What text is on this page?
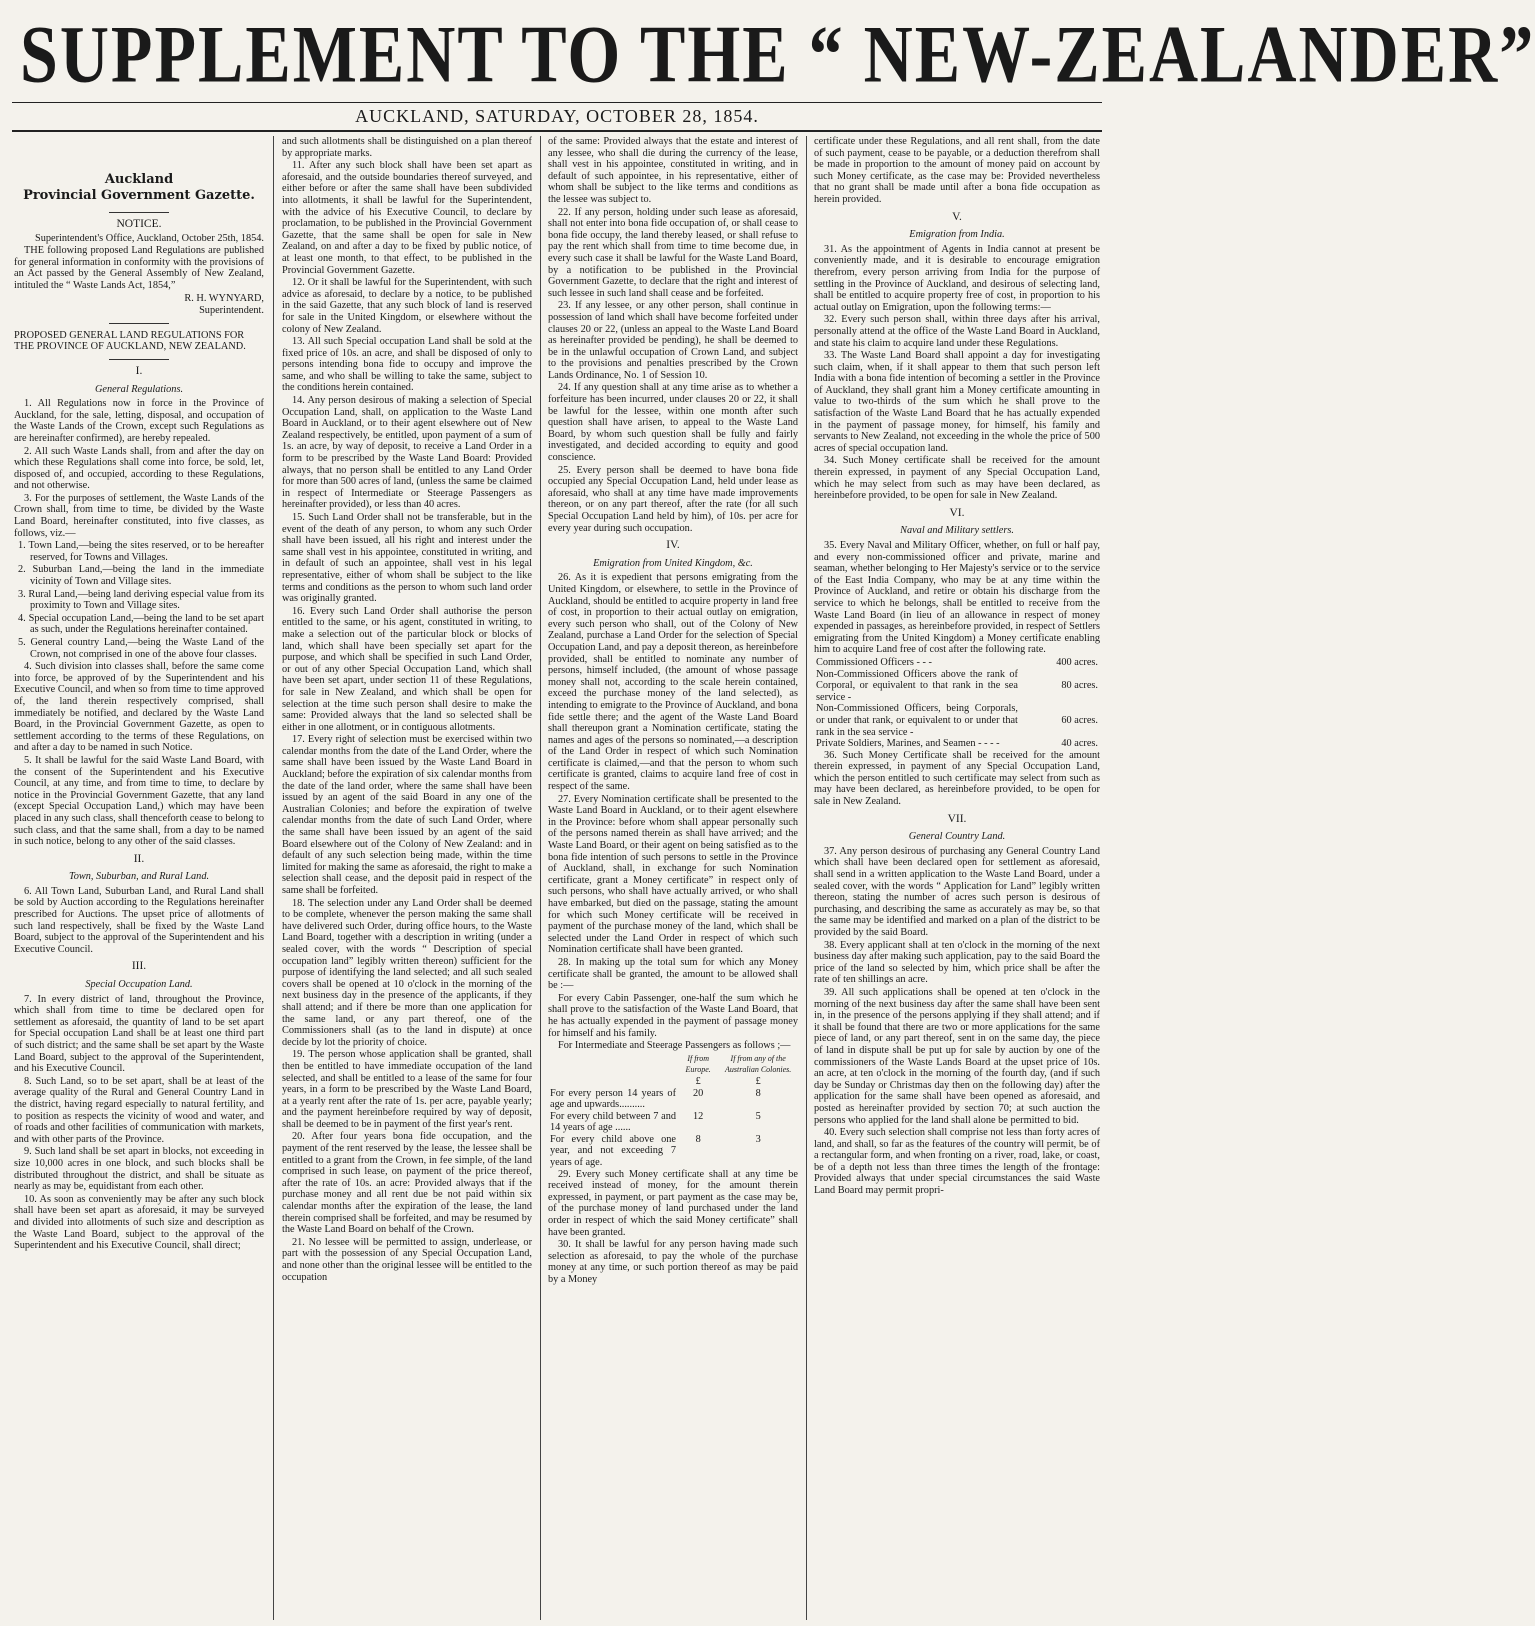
SUPPLEMENT TO THE “ NEW-ZEALANDER”
AUCKLAND, SATURDAY, OCTOBER 28, 1854.
Auckland
Provincial Government Gazette.
NOTICE.

Superintendent's Office, Auckland, October 25th, 1854.

THE following proposed Land Regulations are published for general information in conformity with the provisions of an Act passed by the General Assembly of New Zealand, intituled the “ Waste Lands Act, 1854,”

R. H. WYNYARD,

Superintendent.

PROPOSED GENERAL LAND REGULATIONS FOR THE PROVINCE OF AUCKLAND, NEW ZEALAND.

I.

General Regulations.

1. All Regulations now in force in the Province of Auckland, for the sale, letting, disposal, and occupation of the Waste Lands of the Crown, except such Regulations as are hereinafter confirmed), are hereby repealed.

2. All such Waste Lands shall, from and after the day on which these Regulations shall come into force, be sold, let, disposed of, and occupied, according to these Regulations, and not otherwise.

3. For the purposes of settlement, the Waste Lands of the Crown shall, from time to time, be divided by the Waste Land Board, hereinafter constituted, into five classes, as follows, viz.—

1. Town Land,—being the sites reserved, or to be hereafter reserved, for Towns and Villages.

2. Suburban Land,—being the land in the immediate vicinity of Town and Village sites.

3. Rural Land,—being land deriving especial value from its proximity to Town and Village sites.

4. Special occupation Land,—being the land to be set apart as such, under the Regulations hereinafter contained.

5. General country Land,—being the Waste Land of the Crown, not comprised in one of the above four classes.

4. Such division into classes shall, before the same come into force, be approved of by the Superintendent and his Executive Council, and when so from time to time approved of, the land therein respectively comprised, shall immediately be notified, and declared by the Waste Land Board, in the Provincial Government Gazette, as open to settlement according to the terms of these Regulations, on and after a day to be named in such Notice.

5. It shall be lawful for the said Waste Land Board, with the consent of the Superintendent and his Executive Council, at any time, and from time to time, to declare by notice in the Provincial Government Gazette, that any land (except Special Occupation Land,) which may have been placed in any such class, shall thenceforth cease to belong to such class, and that the same shall, from a day to be named in such notice, belong to any other of the said classes.

II.

Town, Suburban, and Rural Land.

6. All Town Land, Suburban Land, and Rural Land shall be sold by Auction according to the Regulations hereinafter prescribed for Auctions. The upset price of allotments of such land respectively, shall be fixed by the Waste Land Board, subject to the approval of the Superintendent and his Executive Council.

III.

Special Occupation Land.

7. In every district of land, throughout the Province, which shall from time to time be declared open for settlement as aforesaid, the quantity of land to be set apart for Special occupation Land shall be at least one third part of such district; and the same shall be set apart by the Waste Land Board, subject to the approval of the Superintendent, and his Executive Council.

8. Such Land, so to be set apart, shall be at least of the average quality of the Rural and General Country Land in the district, having regard especially to natural fertility, and to position as respects the vicinity of wood and water, and of roads and other facilities of communication with markets, and with other parts of the Province.

9. Such land shall be set apart in blocks, not exceeding in size 10,000 acres in one block, and such blocks shall be distributed throughout the district, and shall be situate as nearly as may be, equidistant from each other.

10. As soon as conveniently may be after any such block shall have been set apart as aforesaid, it may be surveyed and divided into allotments of such size and description as the Waste Land Board, subject to the approval of the Superintendent and his Executive Council, shall direct;

and such allotments shall be distinguished on a plan thereof by appropriate marks.

11. After any such block shall have been set apart as aforesaid, and the outside boundaries thereof surveyed, and either before or after the same shall have been subdivided into allotments, it shall be lawful for the Superintendent, with the advice of his Executive Council, to declare by proclamation, to be published in the Provincial Government Gazette, that the same shall be open for sale in New Zealand, on and after a day to be fixed by public notice, of at least one month, to that effect, to be published in the Provincial Government Gazette.

12. Or it shall be lawful for the Superintendent, with such advice as aforesaid, to declare by a notice, to be published in the said Gazette, that any such block of land is reserved for sale in the United Kingdom, or elsewhere without the colony of New Zealand.

13. All such Special occupation Land shall be sold at the fixed price of 10s. an acre, and shall be disposed of only to persons intending bona fide to occupy and improve the same, and who shall be willing to take the same, subject to the conditions herein contained.

14. Any person desirous of making a selection of Special Occupation Land, shall, on application to the Waste Land Board in Auckland, or to their agent elsewhere out of New Zealand respectively, be entitled, upon payment of a sum of 1s. an acre, by way of deposit, to receive a Land Order in a form to be prescribed by the Waste Land Board: Provided always, that no person shall be entitled to any Land Order for more than 500 acres of land, (unless the same be claimed in respect of Intermediate or Steerage Passengers as hereinafter provided), or less than 40 acres.

15. Such Land Order shall not be transferable, but in the event of the death of any person, to whom any such Order shall have been issued, all his right and interest under the same shall vest in his appointee, constituted in writing, and in default of such an appointee, shall vest in his legal representative, either of whom shall be subject to the like terms and conditions as the person to whom such land order was originally granted.

16. Every such Land Order shall authorise the person entitled to the same, or his agent, constituted in writing, to make a selection out of the particular block or blocks of land, which shall have been specially set apart for the purpose, and which shall be specified in such Land Order, or out of any other Special Occupation Land, which shall have been set apart, under section 11 of these Regulations, for sale in New Zealand, and which shall be open for selection at the time such person shall desire to make the same: Provided always that the land so selected shall be either in one allotment, or in contiguous allotments.

17. Every right of selection must be exercised within two calendar months from the date of the Land Order, where the same shall have been issued by the Waste Land Board in Auckland; before the expiration of six calendar months from the date of the land order, where the same shall have been issued by an agent of the said Board in any one of the Australian Colonies; and before the expiration of twelve calendar months from the date of such Land Order, where the same shall have been issued by an agent of the said Board elsewhere out of the Colony of New Zealand: and in default of any such selection being made, within the time limited for making the same as aforesaid, the right to make a selection shall cease, and the deposit paid in respect of the same shall be forfeited.

18. The selection under any Land Order shall be deemed to be complete, whenever the person making the same shall have delivered such Order, during office hours, to the Waste Land Board, together with a description in writing (under a sealed cover, with the words “ Description of special occupation land” legibly written thereon) sufficient for the purpose of identifying the land selected; and all such sealed covers shall be opened at 10 o'clock in the morning of the next business day in the presence of the applicants, if they shall attend; and if there be more than one application for the same land, or any part thereof, one of the Commissioners shall (as to the land in dispute) at once decide by lot the priority of choice.

19. The person whose application shall be granted, shall then be entitled to have immediate occupation of the land selected, and shall be entitled to a lease of the same for four years, in a form to be prescribed by the Waste Land Board, at a yearly rent after the rate of 1s. per acre, payable yearly; and the payment hereinbefore required by way of deposit, shall be deemed to be in payment of the first year's rent.

20. After four years bona fide occupation, and the payment of the rent reserved by the lease, the lessee shall be entitled to a grant from the Crown, in fee simple, of the land comprised in such lease, on payment of the price thereof, after the rate of 10s. an acre: Provided always that if the purchase money and all rent due be not paid within six calendar months after the expiration of the lease, the land therein comprised shall be forfeited, and may be resumed by the Waste Land Board on behalf of the Crown.

21. No lessee will be permitted to assign, underlease, or part with the possession of any Special Occupation Land, and none other than the original lessee will be entitled to the occupation

of the same: Provided always that the estate and interest of any lessee, who shall die during the currency of the lease, shall vest in his appointee, constituted in writing, and in default of such appointee, in his representative, either of whom shall be subject to the like terms and conditions as the lessee was subject to.

22. If any person, holding under such lease as aforesaid, shall not enter into bona fide occupation of, or shall cease to bona fide occupy, the land thereby leased, or shall refuse to pay the rent which shall from time to time become due, in every such case it shall be lawful for the Waste Land Board, by a notification to be published in the Provincial Government Gazette, to declare that the right and interest of such lessee in such land shall cease and be forfeited.

23. If any lessee, or any other person, shall continue in possession of land which shall have become forfeited under clauses 20 or 22, (unless an appeal to the Waste Land Board as hereinafter provided be pending), he shall be deemed to be in the unlawful occupation of Crown Land, and subject to the provisions and penalties prescribed by the Crown Lands Ordinance, No. 1 of Session 10.

24. If any question shall at any time arise as to whether a forfeiture has been incurred, under clauses 20 or 22, it shall be lawful for the lessee, within one month after such question shall have arisen, to appeal to the Waste Land Board, by whom such question shall be fully and fairly investigated, and decided according to equity and good conscience.

25. Every person shall be deemed to have bona fide occupied any Special Occupation Land, held under lease as aforesaid, who shall at any time have made improvements thereon, or on any part thereof, after the rate (for all such Special Occupation Land held by him), of 10s. per acre for every year during such occupation.

IV.

Emigration from United Kingdom, &c.

26. As it is expedient that persons emigrating from the United Kingdom, or elsewhere, to settle in the Province of Auckland, should be entitled to acquire property in land free of cost, in proportion to their actual outlay on emigration, every such person who shall, out of the Colony of New Zealand, purchase a Land Order for the selection of Special Occupation Land, and pay a deposit thereon, as hereinbefore provided, shall be entitled to nominate any number of persons, himself included, (the amount of whose passage money shall not, according to the scale herein contained, exceed the purchase money of the land selected), as intending to emigrate to the Province of Auckland, and bona fide settle there; and the agent of the Waste Land Board shall thereupon grant a Nomination certificate, stating the names and ages of the persons so nominated,—a description of the Land Order in respect of which such Nomination certificate is claimed,—and that the person to whom such certificate is granted, claims to acquire land free of cost in respect of the same.

27. Every Nomination certificate shall be presented to the Waste Land Board in Auckland, or to their agent elsewhere in the Province: before whom shall appear personally such of the persons named therein as shall have arrived; and the Waste Land Board, or their agent on being satisfied as to the bona fide intention of such persons to settle in the Province of Auckland, shall, in exchange for such Nomination certificate, grant a Money certificate” in respect only of such persons, who shall have actually arrived, or who shall have embarked, but died on the passage, stating the amount for which such Money certificate will be received in payment of the purchase money of the land, which shall be selected under the Land Order in respect of which such Nomination certificate shall have been granted.

28. In making up the total sum for which any Money certificate shall be granted, the amount to be allowed shall be :—

For every Cabin Passenger, one-half the sum which he shall prove to the satisfaction of the Waste Land Board, that he has actually expended in the payment of passage money for himself and his family.

For Intermediate and Steerage Passengers as follows ;—

	If from Europe.	If from any of the Australian Colonies.
	£	£
For every person 14 years of age and upwards..........	20	8
For every child between 7 and 14 years of age ......	12	5
For every child above one year, and not exceeding 7 years of age.	8	3

29. Every such Money certificate shall at any time be received instead of money, for the amount therein expressed, in payment, or part payment as the case may be, of the purchase money of land purchased under the land order in respect of which the said Money certificate” shall have been granted.

30. It shall be lawful for any person having made such selection as aforesaid, to pay the whole of the purchase money at any time, or such portion thereof as may be paid by a Money

certificate under these Regulations, and all rent shall, from the date of such payment, cease to be payable, or a deduction therefrom shall be made in proportion to the amount of money paid on account by such Money certificate, as the case may be: Provided nevertheless that no grant shall be made until after a bona fide occupation as herein provided.

V.

Emigration from India.

31. As the appointment of Agents in India cannot at present be conveniently made, and it is desirable to encourage emigration therefrom, every person arriving from India for the purpose of settling in the Province of Auckland, and desirous of selecting land, shall be entitled to acquire property free of cost, in proportion to his actual outlay on Emigration, upon the following terms:—

32. Every such person shall, within three days after his arrival, personally attend at the office of the Waste Land Board in Auckland, and state his claim to acquire land under these Regulations.

33. The Waste Land Board shall appoint a day for investigating such claim, when, if it shall appear to them that such person left India with a bona fide intention of becoming a settler in the Province of Auckland, they shall grant him a Money certificate amounting in value to two-thirds of the sum which he shall prove to the satisfaction of the Waste Land Board that he has actually expended in the payment of passage money, for himself, his family and servants to New Zealand, not exceeding in the whole the price of 500 acres of special occupation land.

34. Such Money certificate shall be received for the amount therein expressed, in payment of any Special Occupation Land, which he may select from such as may have been declared, as hereinbefore provided, to be open for sale in New Zealand.

VI.

Naval and Military settlers.

35. Every Naval and Military Officer, whether, on full or half pay, and every non-commissioned officer and private, marine and seaman, whether belonging to Her Majesty's service or to the service of the East India Company, who may be at any time within the Province of Auckland, and retire or obtain his discharge from the service to which he belongs, shall be entitled to receive from the Waste Land Board (in lieu of an allowance in respect of money expended in passages, as hereinbefore provided, in respect of Settlers emigrating from the United Kingdom) a Money certificate enabling him to acquire Land free of cost after the following rate.

Commissioned Officers - - -	400 acres.
Non-Commissioned Officers above the rank of Corporal, or equivalent to that rank in the sea service -	80 acres.
Non-Commissioned Officers, being Corporals, or under that rank, or equivalent to or under that rank in the sea service -	60 acres.
Private Soldiers, Marines, and Seamen - - - -	40 acres.

36. Such Money Certificate shall be received for the amount therein expressed, in payment of any Special Occupation Land, which the person entitled to such certificate may select from such as may have been declared, as hereinbefore provided, to be open for sale in New Zealand.

VII.

General Country Land.

37. Any person desirous of purchasing any General Country Land which shall have been declared open for settlement as aforesaid, shall send in a written application to the Waste Land Board, under a sealed cover, with the words “ Application for Land” legibly written thereon, stating the number of acres such person is desirous of purchasing, and describing the same as accurately as may be, so that the same may be identified and marked on a plan of the district to be provided by the said Board.

38. Every applicant shall at ten o'clock in the morning of the next business day after making such application, pay to the said Board the price of the land so selected by him, which price shall be after the rate of ten shillings an acre.

39. All such applications shall be opened at ten o'clock in the morning of the next business day after the same shall have been sent in, in the presence of the persons applying if they shall attend; and if it shall be found that there are two or more applications for the same piece of land, or any part thereof, sent in on the same day, the piece of land in dispute shall be put up for sale by auction by one of the commissioners of the Waste Lands Board at the upset price of 10s. an acre, at ten o'clock in the morning of the fourth day, (and if such day be Sunday or Christmas day then on the following day) after the application for the same shall have been opened as aforesaid, and posted as hereinafter provided by section 70; at such auction the persons who applied for the land shall alone be permitted to bid.

40. Every such selection shall comprise not less than forty acres of land, and shall, so far as the features of the country will permit, be of a rectangular form, and when fronting on a river, road, lake, or coast, be of a depth not less than three times the length of the frontage: Provided always that under special circumstances the said Waste Land Board may permit propri-
